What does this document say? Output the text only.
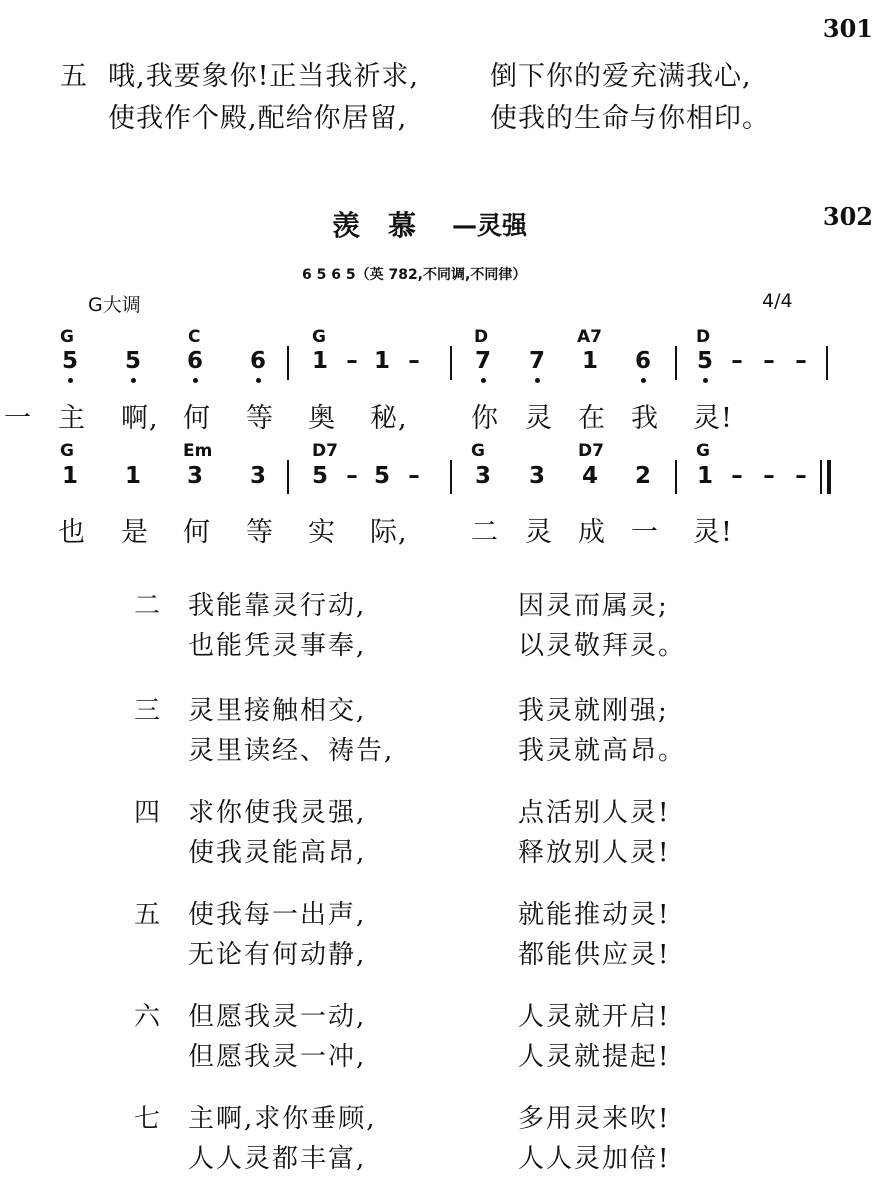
301
五 哦,我要象你!正当我祈求,	倒下你的爱充满我心,
使我作个殿,配给你居留,	使我的生命与你相印。
羡　慕 —灵强	302
6 5 6 5（英 782,不同调,不同律）
G大调	4/4
G	C	G	D	A7	D
5 5 6 6 1 – 1 – 7 7 1 6 5 – – –
一 主 啊, 何 等 奥 秘, 你 灵 在 我 灵!
G	Em	D7	G	D7	G
1 1 3 3 5 – 5 – 3 3 4 2 1 – – –
也 是 何 等 实 际, 二 灵 成 一 灵!
二 我能靠灵行动,	因灵而属灵;
也能凭灵事奉,	以灵敬拜灵。
三 灵里接触相交,	我灵就刚强;
灵里读经、祷告,	我灵就高昂。
四 求你使我灵强,	点活别人灵!
使我灵能高昂,	释放别人灵!
五 使我每一出声,	就能推动灵!
无论有何动静,	都能供应灵!
六 但愿我灵一动,	人灵就开启!
但愿我灵一冲,	人灵就提起!
七 主啊,求你垂顾,	多用灵来吹!
人人灵都丰富,	人人灵加倍!
